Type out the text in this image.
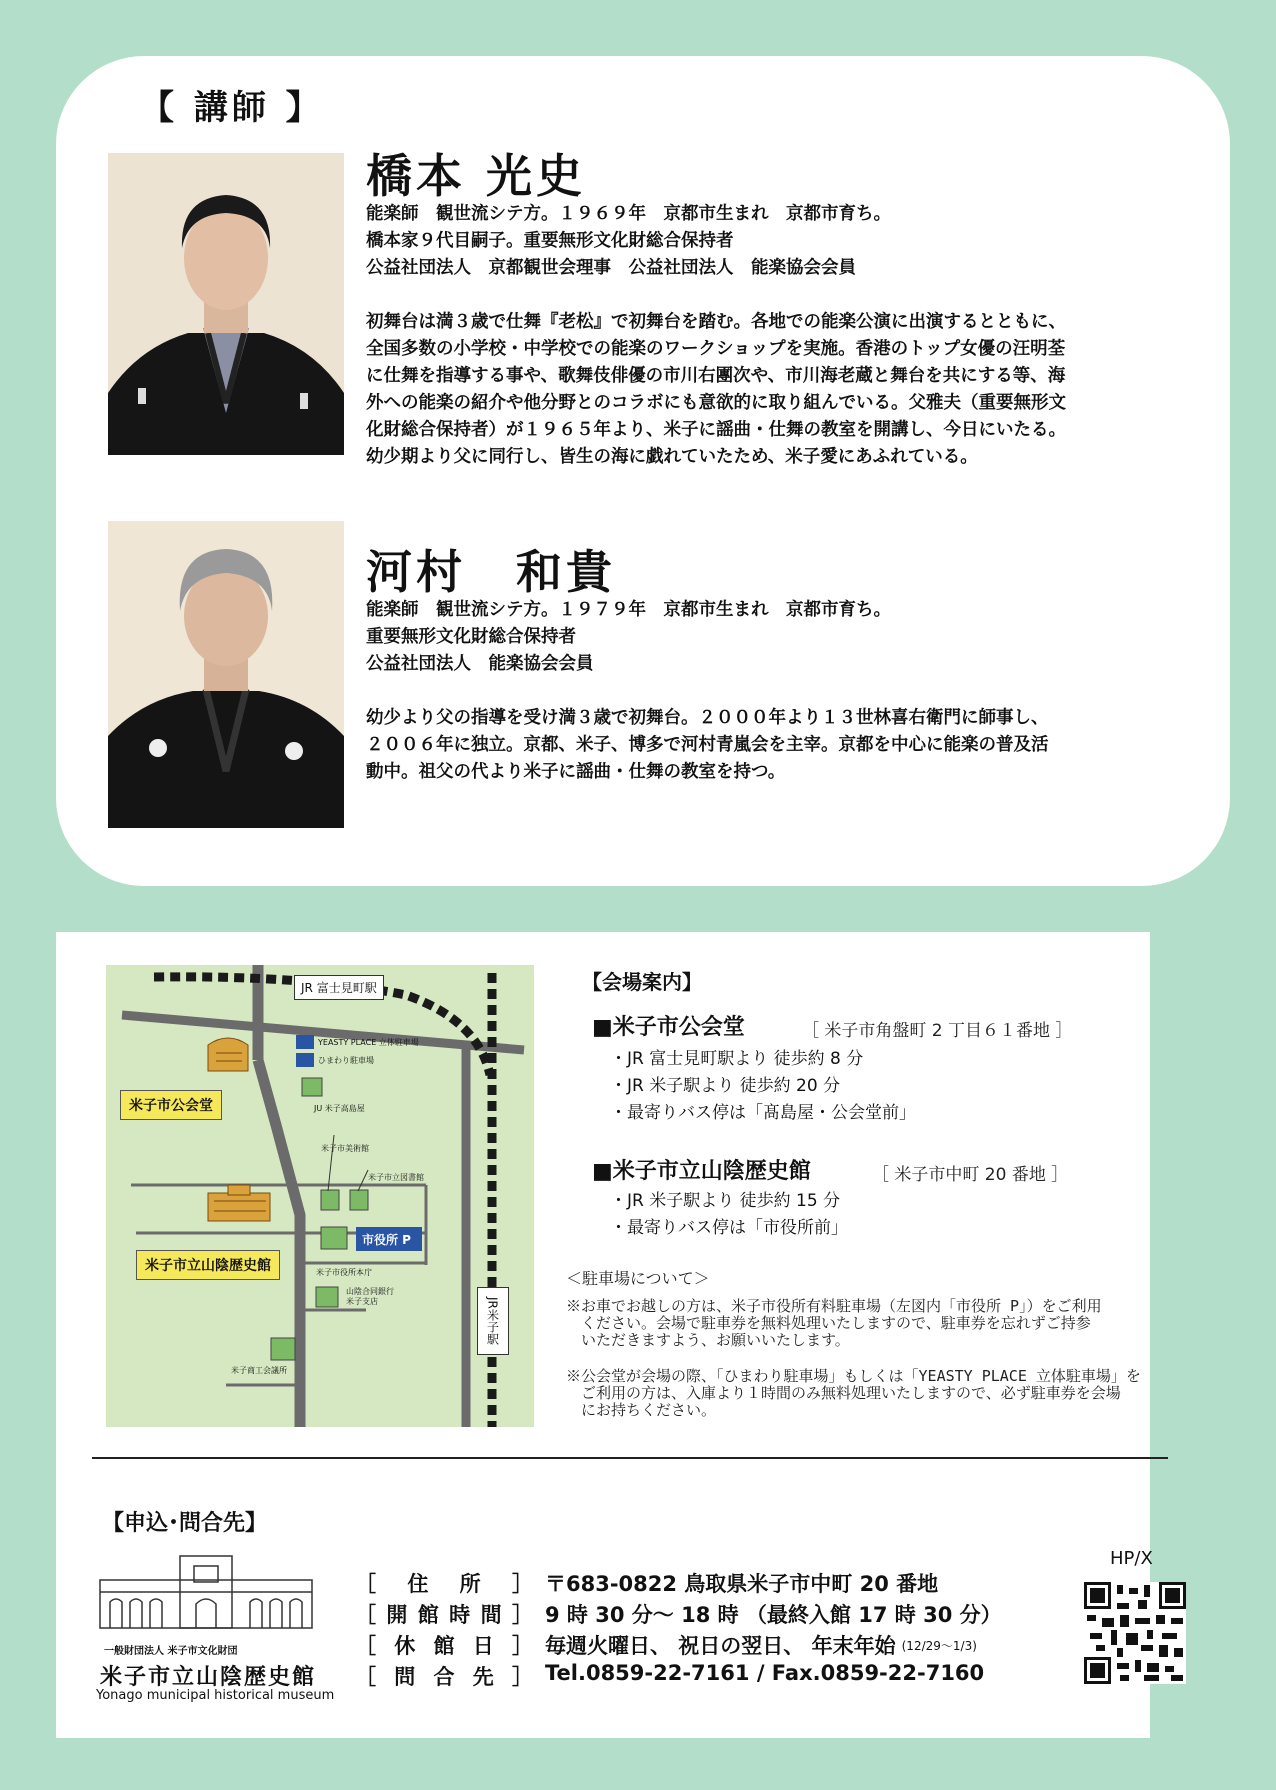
【 講師 】
橋本 光史
能楽師　観世流シテ方。１９６９年　京都市生まれ　京都市育ち。
橋本家９代目嗣子。重要無形文化財総合保持者
公益社団法人　京都観世会理事　公益社団法人　能楽協会会員

初舞台は満３歳で仕舞『老松』で初舞台を踏む。各地での能楽公演に出演するとともに、
全国多数の小学校・中学校での能楽のワークショップを実施。香港のトップ女優の汪明荃
に仕舞を指導する事や、歌舞伎俳優の市川右團次や、市川海老蔵と舞台を共にする等、海
外への能楽の紹介や他分野とのコラボにも意欲的に取り組んでいる。父雅夫（重要無形文
化財総合保持者）が１９６５年より、米子に謡曲・仕舞の教室を開講し、今日にいたる。
幼少期より父に同行し、皆生の海に戯れていたため、米子愛にあふれている。
河村　和貴
能楽師　観世流シテ方。１９７９年　京都市生まれ　京都市育ち。
重要無形文化財総合保持者
公益社団法人　能楽協会会員

幼少より父の指導を受け満３歳で初舞台。２０００年より１３世林喜右衛門に師事し、
２００６年に独立。京都、米子、博多で河村青嵐会を主宰。京都を中心に能楽の普及活
動中。祖父の代より米子に謡曲・仕舞の教室を持つ。
JR 富士見町駅
JR米子駅
米子市公会堂
米子市立山陰歴史館
YEASTY PLACE 立体駐車場
ひまわり駐車場
JU 米子高島屋
米子市美術館
米子市立図書館
市役所 P
米子市役所本庁
山陰合同銀行
米子支店
米子商工会議所
【会場案内】
■米子市公会堂	［ 米子市角盤町 2 丁目６１番地 ］
・JR 富士見町駅より 徒歩約 8 分
・JR 米子駅より 徒歩約 20 分
・最寄りバス停は「髙島屋・公会堂前」
■米子市立山陰歴史館	［ 米子市中町 20 番地 ］
・JR 米子駅より 徒歩約 15 分
・最寄りバス停は「市役所前」
＜駐車場について＞
※お車でお越しの方は、米子市役所有料駐車場（左図内「市役所 P」）をご利用
　ください。会場で駐車券を無料処理いたしますので、駐車券を忘れずご持参
　いただきますよう、お願いいたします。
※公会堂が会場の際、「ひまわり駐車場」もしくは「YEASTY PLACE 立体駐車場」を
　ご利用の方は、入庫より１時間のみ無料処理いたしますので、必ず駐車券を会場
　にお持ちください。
【申込･問合先】
一般財団法人 米子市文化財団
米子市立山陰歴史館
Yonago municipal historical museum
［ 住 所 ］ 〒683-0822 鳥取県米子市中町 20 番地
［ 開 館 時 間 ］ 9 時 30 分～ 18 時 （最終入館 17 時 30 分）
［ 休 館 日 ］ 毎週火曜日、 祝日の翌日、 年末年始 (12/29～1/3)
［ 問 合 先 ］ Tel.0859-22-7161 / Fax.0859-22-7160
HP/X
